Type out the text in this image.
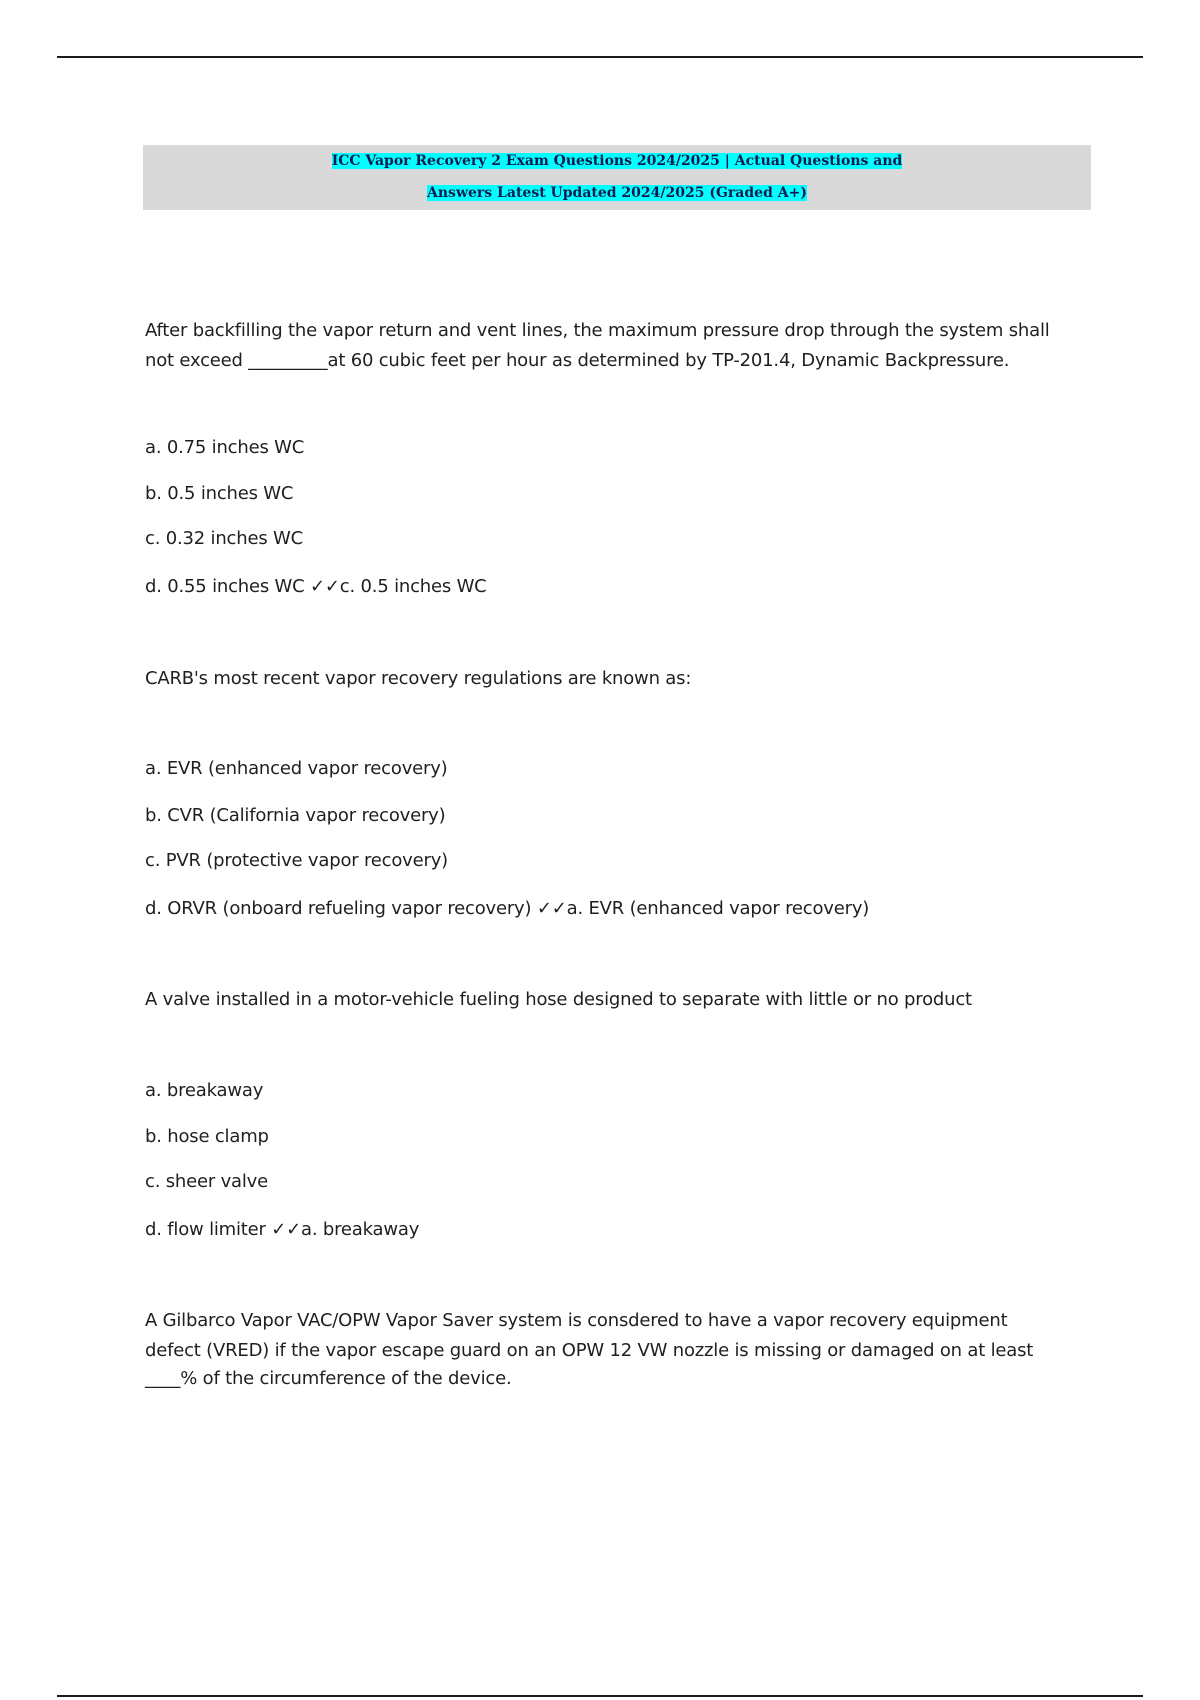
ICC Vapor Recovery 2 Exam Questions 2024/2025 | Actual Questions and
Answers Latest Updated 2024/2025 (Graded A+)
After backfilling the vapor return and vent lines, the maximum pressure drop through the system shall
not exceed _________at 60 cubic feet per hour as determined by TP-201.4, Dynamic Backpressure.
a. 0.75 inches WC
b. 0.5 inches WC
c. 0.32 inches WC
d. 0.55 inches WC ✓✓c. 0.5 inches WC
CARB's most recent vapor recovery regulations are known as:
a. EVR (enhanced vapor recovery)
b. CVR (California vapor recovery)
c. PVR (protective vapor recovery)
d. ORVR (onboard refueling vapor recovery) ✓✓a. EVR (enhanced vapor recovery)
A valve installed in a motor-vehicle fueling hose designed to separate with little or no product
a. breakaway
b. hose clamp
c. sheer valve
d. flow limiter ✓✓a. breakaway
A Gilbarco Vapor VAC/OPW Vapor Saver system is consdered to have a vapor recovery equipment
defect (VRED) if the vapor escape guard on an OPW 12 VW nozzle is missing or damaged on at least
____% of the circumference of the device.
